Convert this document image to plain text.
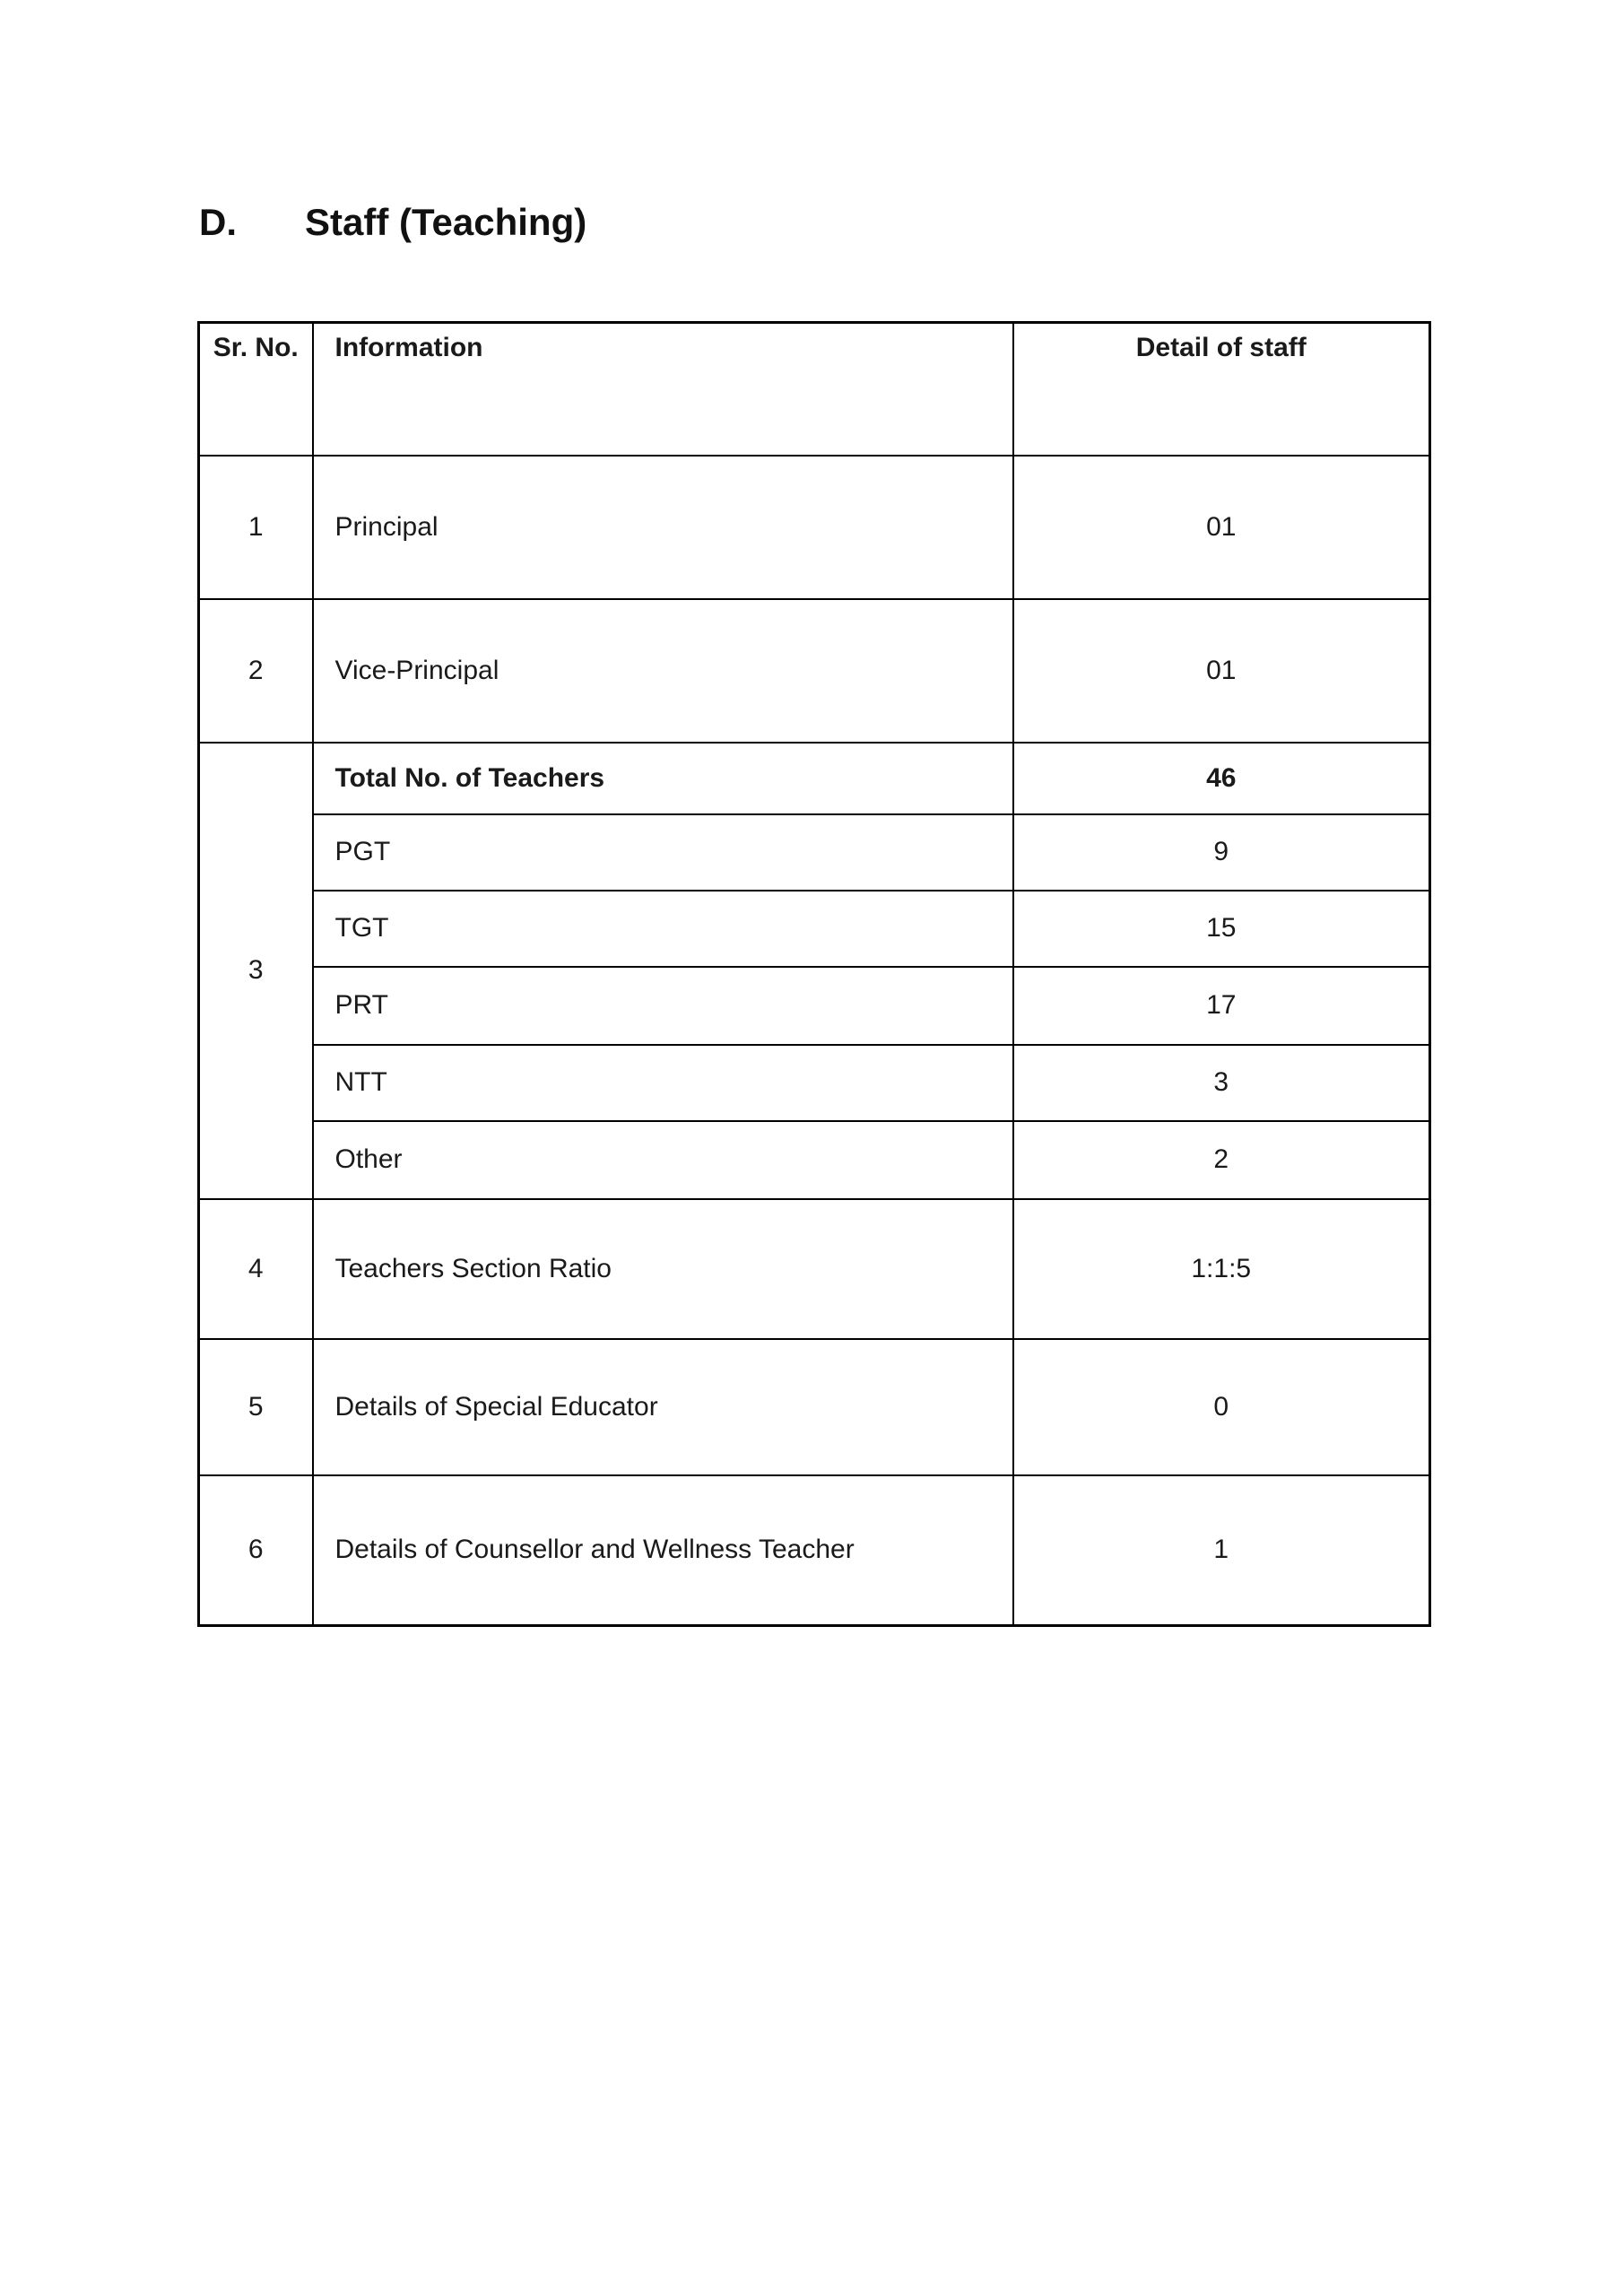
D. Staff (Teaching)
Sr. No.	Information	Detail of staff
1	Principal	01
2	Vice-Principal	01
3	Total No. of Teachers	46
	PGT	9
	TGT	15
	PRT	17
	NTT	3
	Other	2
4	Teachers Section Ratio	1:1:5
5	Details of Special Educator	0
6	Details of Counsellor and Wellness Teacher	1
